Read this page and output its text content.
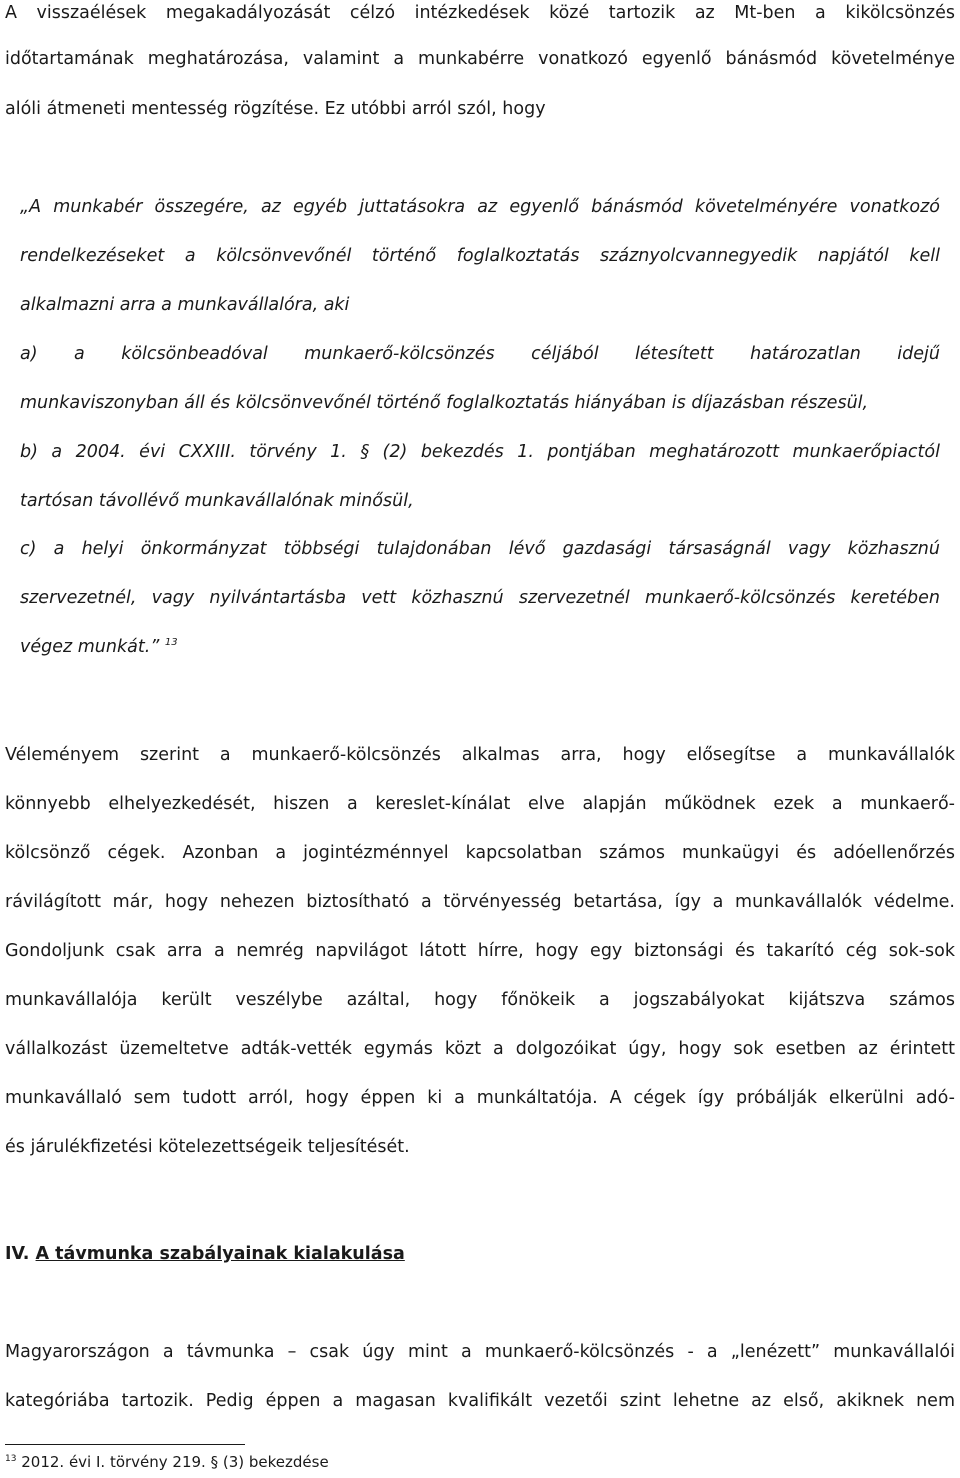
A visszaélések megakadályozását célzó intézkedések közé tartozik az Mt-ben a kikölcsönzés
időtartamának meghatározása, valamint a munkabérre vonatkozó egyenlő bánásmód követelménye
alóli átmeneti mentesség rögzítése. Ez utóbbi arról szól, hogy
„A munkabér összegére, az egyéb juttatásokra az egyenlő bánásmód követelményére vonatkozó
rendelkezéseket a kölcsönvevőnél történő foglalkoztatás száznyolcvannegyedik napjától kell
alkalmazni arra a munkavállalóra, aki
a) a kölcsönbeadóval munkaerő-kölcsönzés céljából létesített határozatlan idejű
munkaviszonyban áll és kölcsönvevőnél történő foglalkoztatás hiányában is díjazásban részesül,
b) a 2004. évi CXXIII. törvény 1. § (2) bekezdés 1. pontjában meghatározott munkaerőpiactól
tartósan távollévő munkavállalónak minősül,
c) a helyi önkormányzat többségi tulajdonában lévő gazdasági társaságnál vagy közhasznú
szervezetnél, vagy nyilvántartásba vett közhasznú szervezetnél munkaerő-kölcsönzés keretében
végez munkát.” $^{13}$
Véleményem szerint a munkaerő-kölcsönzés alkalmas arra, hogy elősegítse a munkavállalók
könnyebb elhelyezkedését, hiszen a kereslet-kínálat elve alapján működnek ezek a munkaerő-
kölcsönző cégek. Azonban a jogintézménnyel kapcsolatban számos munkaügyi és adóellenőrzés
rávilágított már, hogy nehezen biztosítható a törvényesség betartása, így a munkavállalók védelme.
Gondoljunk csak arra a nemrég napvilágot látott hírre, hogy egy biztonsági és takarító cég sok-sok
munkavállalója került veszélybe azáltal, hogy főnökeik a jogszabályokat kijátszva számos
vállalkozást üzemeltetve adták-vették egymás közt a dolgozóikat úgy, hogy sok esetben az érintett
munkavállaló sem tudott arról, hogy éppen ki a munkáltatója. A cégek így próbálják elkerülni adó-
és járulékfizetési kötelezettségeik teljesítését.
IV. A távmunka szabályainak kialakulása
Magyarországon a távmunka – csak úgy mint a munkaerő-kölcsönzés - a „lenézett” munkavállalói
kategóriába tartozik. Pedig éppen a magasan kvalifikált vezetői szint lehetne az első, akiknek nem
$^{13}$ 2012. évi I. törvény 219. § (3) bekezdése
